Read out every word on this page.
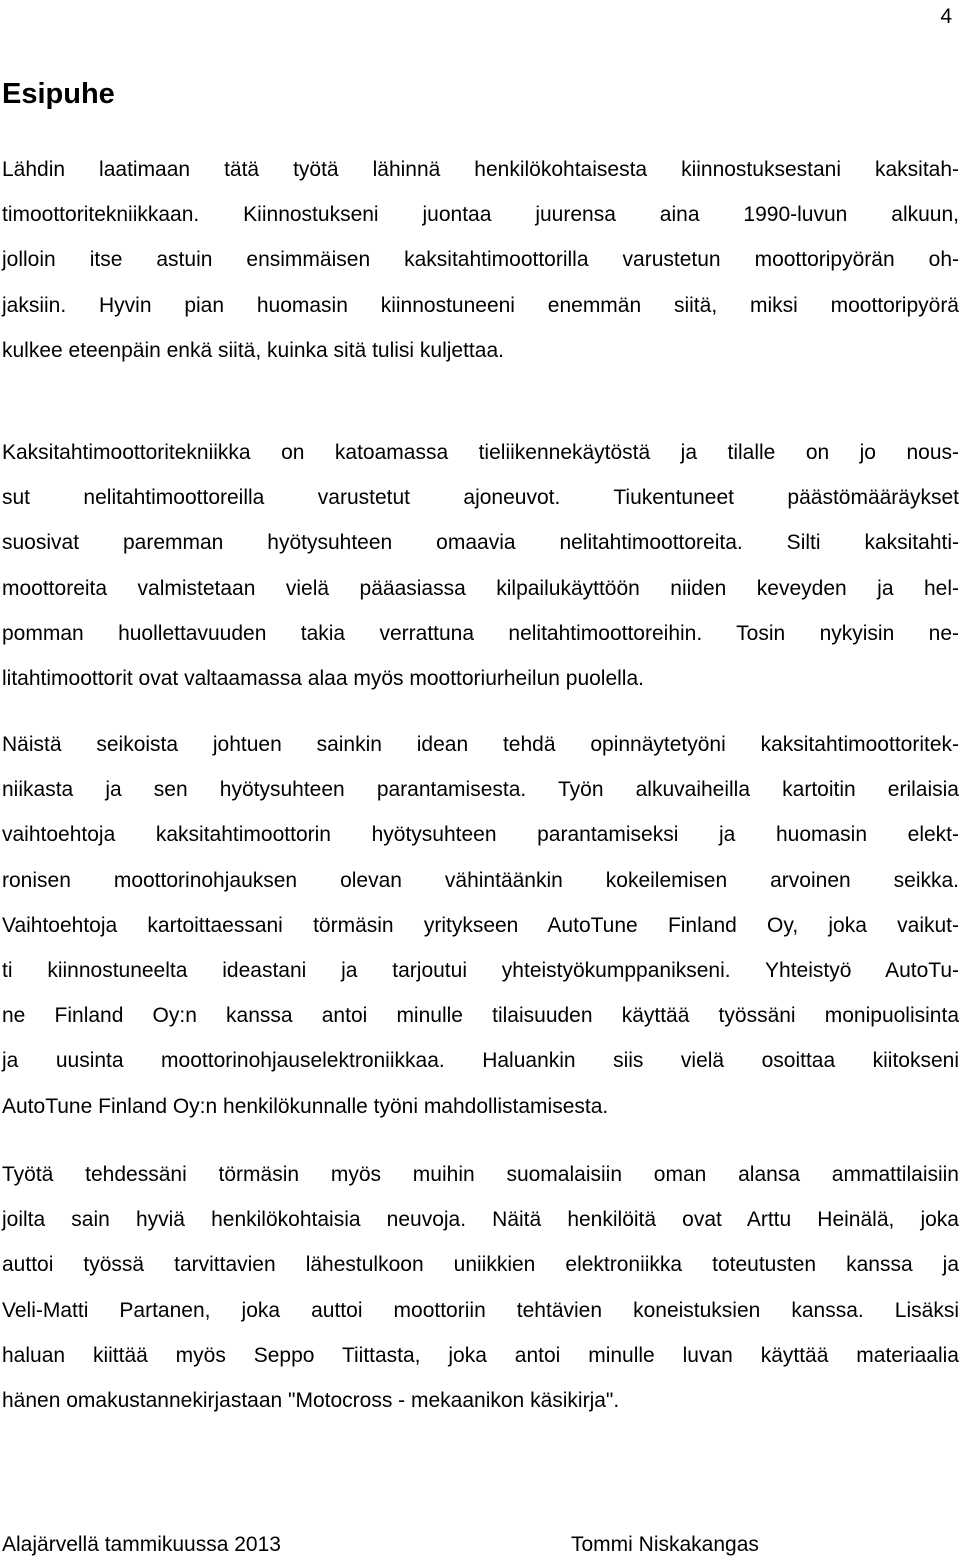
4
Esipuhe
Lähdin laatimaan tätä työtä lähinnä henkilökohtaisesta kiinnostuksestani kaksitah-
timoottoritekniikkaan. Kiinnostukseni juontaa juurensa aina 1990-luvun alkuun,
jolloin itse astuin ensimmäisen kaksitahtimoottorilla varustetun moottoripyörän oh-
jaksiin. Hyvin pian huomasin kiinnostuneeni enemmän siitä, miksi moottoripyörä
kulkee eteenpäin enkä siitä, kuinka sitä tulisi kuljettaa.
Kaksitahtimoottoritekniikka on katoamassa tieliikennekäytöstä ja tilalle on jo nous-
sut nelitahtimoottoreilla varustetut ajoneuvot. Tiukentuneet päästömääräykset
suosivat paremman hyötysuhteen omaavia nelitahtimoottoreita. Silti kaksitahti-
moottoreita valmistetaan vielä pääasiassa kilpailukäyttöön niiden keveyden ja hel-
pomman huollettavuuden takia verrattuna nelitahtimoottoreihin. Tosin nykyisin ne-
litahtimoottorit ovat valtaamassa alaa myös moottoriurheilun puolella.
Näistä seikoista johtuen sainkin idean tehdä opinnäytetyöni kaksitahtimoottoritek-
niikasta ja sen hyötysuhteen parantamisesta. Työn alkuvaiheilla kartoitin erilaisia
vaihtoehtoja kaksitahtimoottorin hyötysuhteen parantamiseksi ja huomasin elekt-
ronisen moottorinohjauksen olevan vähintäänkin kokeilemisen arvoinen seikka.
Vaihtoehtoja kartoittaessani törmäsin yritykseen AutoTune Finland Oy, joka vaikut-
ti kiinnostuneelta ideastani ja tarjoutui yhteistyökumppanikseni. Yhteistyö AutoTu-
ne Finland Oy:n kanssa antoi minulle tilaisuuden käyttää työssäni monipuolisinta
ja uusinta moottorinohjauselektroniikkaa. Haluankin siis vielä osoittaa kiitokseni
AutoTune Finland Oy:n henkilökunnalle työni mahdollistamisesta.
Työtä tehdessäni törmäsin myös muihin suomalaisiin oman alansa ammattilaisiin
joilta sain hyviä henkilökohtaisia neuvoja. Näitä henkilöitä ovat Arttu Heinälä, joka
auttoi työssä tarvittavien lähestulkoon uniikkien elektroniikka toteutusten kanssa ja
Veli-Matti Partanen, joka auttoi moottoriin tehtävien koneistuksien kanssa. Lisäksi
haluan kiittää myös Seppo Tiittasta, joka antoi minulle luvan käyttää materiaalia
hänen omakustannekirjastaan "Motocross - mekaanikon käsikirja".
Alajärvellä tammikuussa 2013	Tommi Niskakangas
